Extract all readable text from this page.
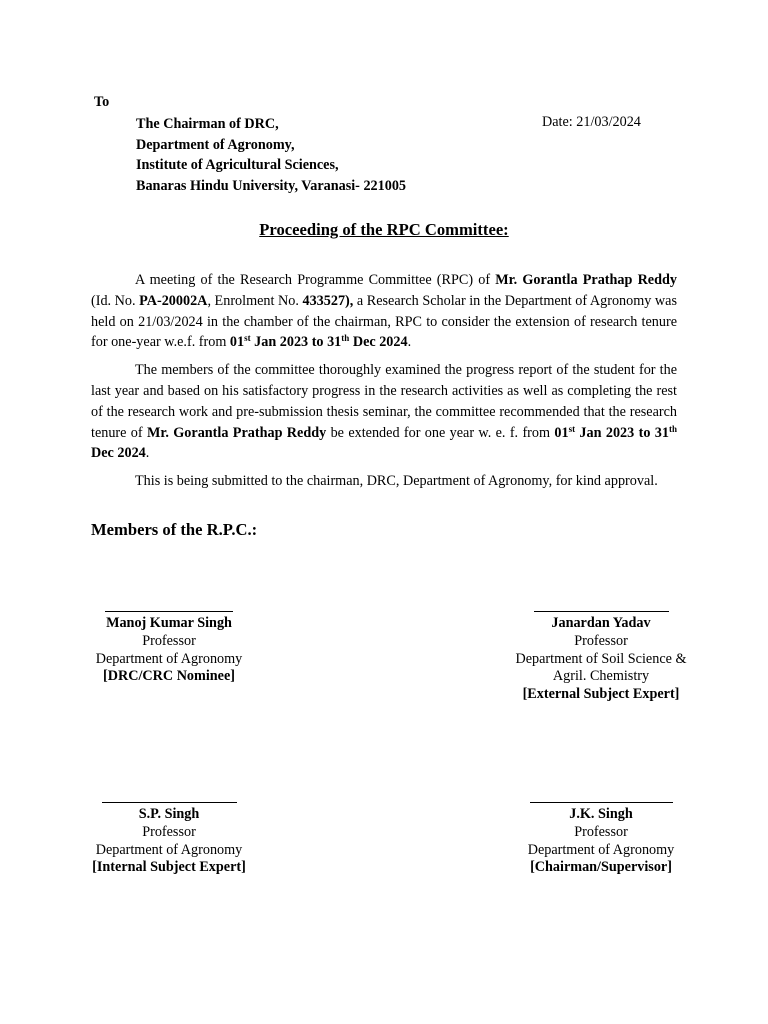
To
The Chairman of DRC,
Department of Agronomy,
Institute of Agricultural Sciences,
Banaras Hindu University, Varanasi- 221005
Date: 21/03/2024
Proceeding of the RPC Committee:

A meeting of the Research Programme Committee (RPC) of Mr. Gorantla Prathap Reddy (Id. No. PA-20002A, Enrolment No. 433527), a Research Scholar in the Department of Agronomy was held on 21/03/2024 in the chamber of the chairman, RPC to consider the extension of research tenure for one-year w.e.f. from 01st Jan 2023 to 31th Dec 2024.

The members of the committee thoroughly examined the progress report of the student for the last year and based on his satisfactory progress in the research activities as well as completing the rest of the research work and pre-submission thesis seminar, the committee recommended that the research tenure of Mr. Gorantla Prathap Reddy be extended for one year w. e. f. from 01st Jan 2023 to 31th Dec 2024.

This is being submitted to the chairman, DRC, Department of Agronomy, for kind approval.

Members of the R.P.C.:
Manoj Kumar Singh
Professor
Department of Agronomy
[DRC/CRC Nominee]
Janardan Yadav
Professor
Department of Soil Science &
Agril. Chemistry
[External Subject Expert]
S.P. Singh
Professor
Department of Agronomy
[Internal Subject Expert]
J.K. Singh
Professor
Department of Agronomy
[Chairman/Supervisor]
